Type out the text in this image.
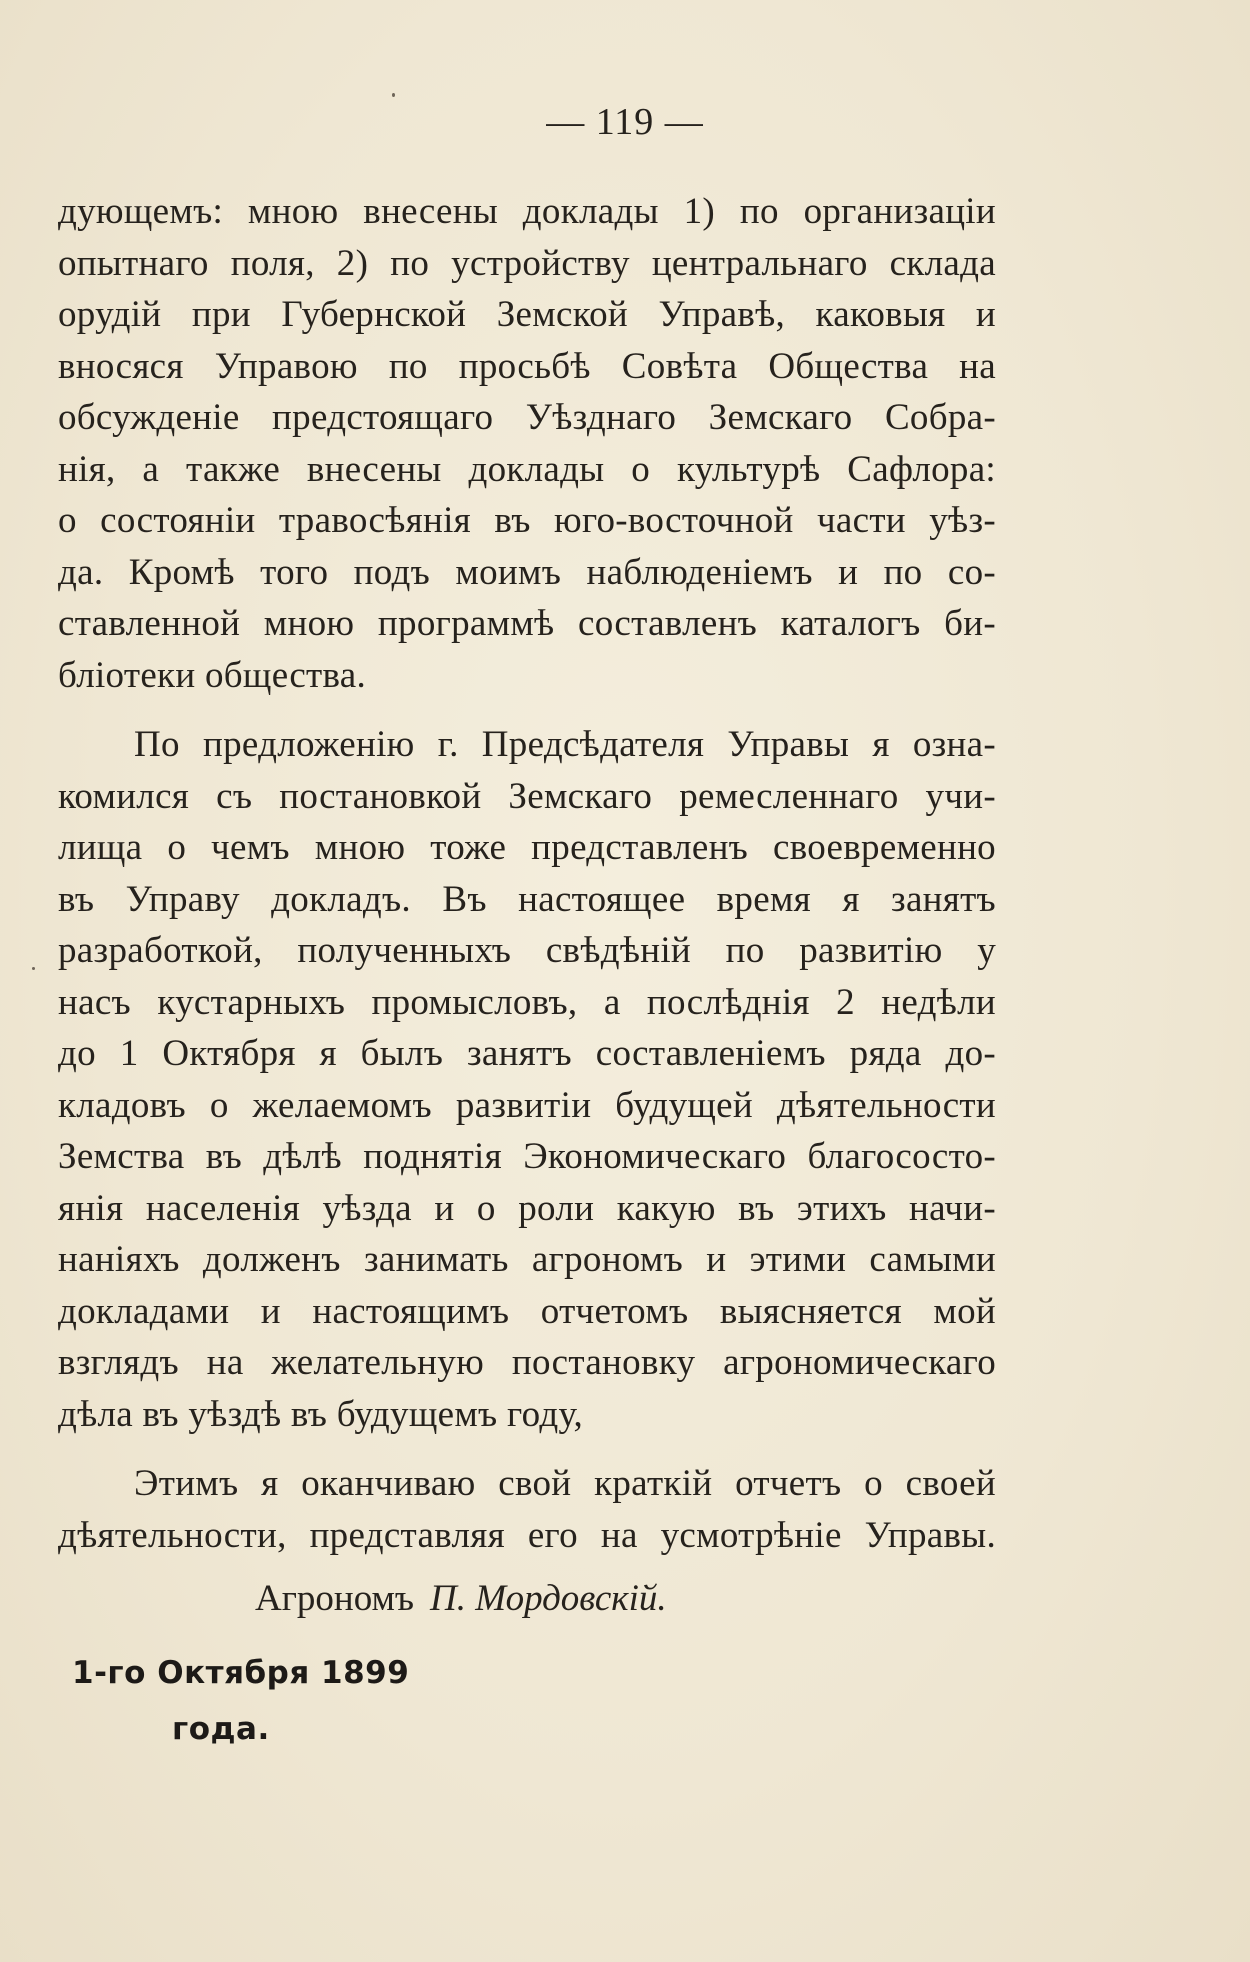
— 119 —
дующемъ: мною внесены доклады 1) по организаціи
опытнаго поля, 2) по устройству центральнаго склада
орудій при Губернской Земской Управѣ, каковыя и
вносяся Управою по просьбѣ Совѣта Общества на
обсужденіе предстоящаго Уѣзднаго Земскаго Собра-
нія, а также внесены доклады о культурѣ Сафлора:
о состояніи травосѣянія въ юго-восточной части уѣз-
да. Кромѣ того подъ моимъ наблюденіемъ и по со-
ставленной мною программѣ составленъ каталогъ би-
бліотеки общества.
По предложенію г. Предсѣдателя Управы я озна-
комился съ постановкой Земскаго ремесленнаго учи-
лища о чемъ мною тоже представленъ своевременно
въ Управу докладъ. Въ настоящее время я занятъ
разработкой, полученныхъ свѣдѣній по развитію у
насъ кустарныхъ промысловъ, а послѣднія 2 недѣли
до 1 Октября я былъ занятъ составленіемъ ряда до-
кладовъ о желаемомъ развитіи будущей дѣятельности
Земства въ дѣлѣ поднятія Экономическаго благососто-
янія населенія уѣзда и о роли какую въ этихъ начи-
наніяхъ долженъ занимать агрономъ и этими самыми
докладами и настоящимъ отчетомъ выясняется мой
взглядъ на желательную постановку агрономическаго
дѣла въ уѣздѣ въ будущемъ году,
Этимъ я оканчиваю свой краткій отчетъ о своей
дѣятельности, представляя его на усмотрѣніе Управы.
Агрономъ П. Мордовскій.
1-го Октября 1899
года.
